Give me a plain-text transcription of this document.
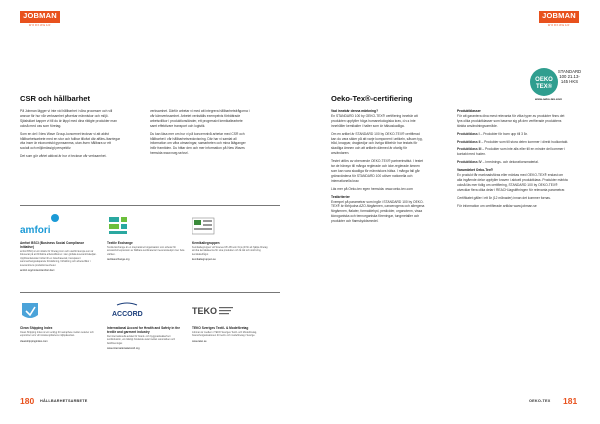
JOBMAN
WORKWEAR
CSR och hållbarhet

På Jobman lägger vi inte vid hållbarhet i våra processer och vill ansvar för hur vår verksamhet påverkar människor och miljö. Sjäslsklart kapper vi till du är läppl med dina riktigte produkter man också med oss som företag.

Som en del i New Wave Group-koncernet tecknar vi att aktivt hållbarhetsarbete med en stor och fullbar tillväxt där affärs-/barriegar vita inser är ekonomiskt gynnsamma, utan även hållbara ur ett socialt och miljömässigt perspektiv.

Det som gör vårtet aktivat är hur vi tecknar vår verksamhet.

verksamhet. Därför arbetar vi med att integrera hållbarhetsfrågorna i vår kärnverksamhet. Arbetet verkställs exempelvis förbättrade arbetsvillkor i produktionsländer, ett progressivt kemikaliearbete samt effektivare transport och logistik.

Du kan läsa mer om hur vi på koncernnivå arbetar med CSR och hållbarhet i vår hållbarhetsredovisning. Där har vi samlat all information om våra utmaningar, samarbeten och mina åtäganger inför framtiden. Du hittar den och mer information på New Waves hemsida www.nwg.se/csr/.

amfori
Amfori BSCI (Business Social Compliance Initiative)
amfori BSCI är ett initiativ för företag inom och utanför Europa som är fokuserat på att förbättra arbetsvillkoren i den globala leverantörskedjan. Uppförandekoden bidrar till en riskerbaserad, transparent sammanhangsskapande förstärkning, förbättring och arbetsvillkor i leverantörens produktionsenheter.
amfori.org/content/amfori-bsci
Textile Exchange
Textile Exchange är en internationell organisation som arbetar för ansvarsfull expansion av hållbara textilmaterial i leveranskedjor över hela världen.
textileexchange.org
Kemikaliegruppen
Kemikaliegruppen vid Swerea IVF AB som finns till för att hjälpa företag att öka kemikalieerna för sina produkter och få råd och stöd kring kemikaliefrågor.
kemikaliegruppen.se
Clean Shipping Index
Clean Shipping Index är ett verktyg för samarbete mellan rederier och exportörer som vill minska sjöfartens miljöpåverkan.
cleanshippingindex.com
ACCORD
International Accord for Health and Safety in the textile and garment industry
Det internationella avtalet för brand- och byggnadssäkerhet i textilindustrin, ett rättsligt bindande avtal mellan varumärken och fackföreningar.
www.internationalaccord.org
TEKO
TEKO Sveriges Textil- & Modeföretag
Jobman är medlem i TEKO Sveriges Textil- och Modeföretag, branschorganisationen för textil- och modeföretag i Sverige.
www.teko.se
180 HÅLLBARHETSARBETE
JOBMAN
WORKWEAR
OEKO
TEX®
STANDARD 100 21.13-145 HKS
www.oeko-tex.com
Oeko-Tex®-certifiering
Vad innebär denna märkning?
En STANDARD 100 by OEKO-TEX® certifiering innebär att produkten uppfyller höga humanekologiska krav, d.v.s inte innehåller kemikalier i halter som är hälsoskadliga.

Om en artikel är STANDARD 100 by OEKO-TEX® certifierad kan du vara säker på att varje komponent i artikeln, såsom tyg, tråd, knappar, dragkedjor och övriga tillbehör har testats för skadliga ämnen och att artikeln därmed är ofarlig för användaren.

Testet utförs av oberoende OEKO-TEX® partnerinstitut. I testet tar de hänsyn till många reglerade och icke-reglerade ämnen som kan vara skadliga för människors hälsa. I många fall går gränsvärdena för STANDARD 100 utöver nationella och internationella krav.

Läs mer på Oeko-tex egen hemsida: www.oeko-tex.com

Testkriterier
Exempel på parametrar som ingår i STANDARD 100 by OEKO-TEX® är förbjudna AZO-färgämnen, cancerogena och allergena färgämnen, ftalater, formaldehyd, pesticider, organotenn, vissa kloroganiska och tennorganiska föreningar, tungmetaller och produkter och flamskyddsmedel.
Produktklasser
För att garantera dina mest relevanta för vilka typer av produkter finns det fyra olika produktklasser som baserar sig på den verifierade produktens tänkta användningsområde.
Produktklass I – Produkter för barn upp till 3 år.
Produktklass II – Produkter som till stora delen kommer i direkt hudkontakt.
Produktklass III – Produkter som inte alls eller till en mindre del kommer i kontakt med huden.
Produktklass IV – Inrednings- och dekorationsmaterial.
Varumärket Oeko-Tex®
Ex produkt får marknadsföras eller märkas med OEKO-TEX® endast om alla ingående delar uppfyller kraven i aktuell produktklass. Produkter märkta också läs mer tidlig om certifiering, STANDARD 100 by OEKO-TEX® utvecklar flera olika delar i REACH-lagstiftningen för relevanta parametrar.
Certifikatet gäller i ett år (12 månader) innan det kommer fornas.
För information om certifierade artiklar www.jobman.se
OEKO-TEX 181
